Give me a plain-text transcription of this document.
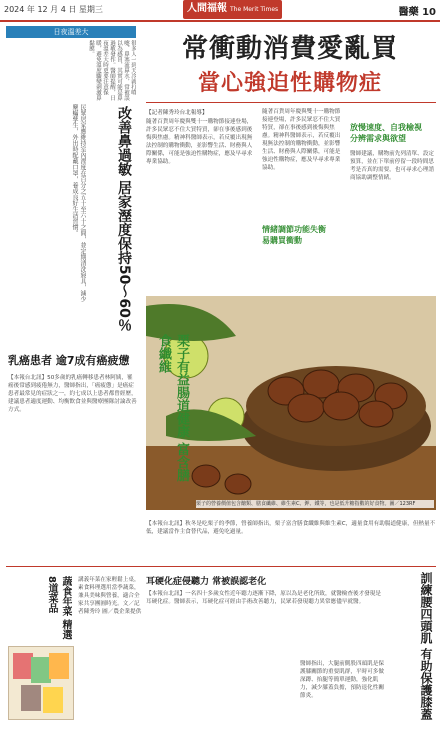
2024 年 12 月 4 日 星期三	人間福報 The Merit Times	醫藥 10
日夜溫差大
很多人一到天冷就打噴嚏、鼻塞流鼻水，常被誤以為感冒，其實可能是鼻過敏發作。醫師提醒，日夜溫差大時更要注意保暖，避免溫度驟變刺激鼻黏膜。
民眾居家應維持室內溼度在百分之五十至六十之間，並定期清洗寢具，減少塵蟎孳生，外出時配戴口罩，養成良好生活習慣。	改善鼻過敏 居家溼度保持50～60％
乳癌患者 逾7成有癌疲憊
【本報台北訊】50多歲的乳癌轉移患者林阿姨，罹癌後常感到疲倦無力，醫師指出，「癌疲憊」是癌症患者最常見的症狀之一，約七成以上患者都曾經歷，建議患者適度運動、均衡飲食並與醫療團隊討論改善方式。
常衝動消費愛亂買
當心強迫性購物症
【記者陳秀玲台北報導】
隨著百貨周年慶與雙十一購物節接連登場，許多民眾忍不住大買特買，卻在事後感到後悔與焦慮。精神科醫師表示，若反覆出現無法控制的購物衝動，並影響生活、財務與人際關係，可能是強迫性購物症，應及早尋求專業協助。
隨著百貨周年慶與雙十一購物節接連登場，許多民眾忍不住大買特買，卻在事後感到後悔與焦慮。精神科醫師表示，若反覆出現無法控制的購物衝動，並影響生活、財務與人際關係，可能是強迫性購物症，應及早尋求專業協助。
情緒調節功能失衡
易購買衝動
放慢速度、自我檢視
分辨需求與欲望
醫師建議，購物前先列清單、設定預算，並在下單前停留一段時間思考是否真的需要，也可尋求心理諮商協助調整情緒。
栗子有益腸道健康 富含膳食纖維
栗子的營養價值包含醣類、膳食纖維、維生素C、鉀、鐵等，也是低升糖指數的好食物。圖／123RF
【本報台北訊】秋冬是吃栗子的季節，營養師指出，栗子富含膳食纖維與維生素C，適量食用有助腸道健康，但熱量不低，建議當作主食替代品，避免吃過量。
蔬食年菜 精選8道菜品	講義年菜在家輕鬆上桌，素食料理選用當季蔬菜，兼具美味與營養，適合全家共享團圓時光。文／記者陳秀玲 圖／農企業提供
耳硬化症侵聽力 常被誤認老化
【本報台北訊】一名四十多歲女性近年聽力逐漸下降，原以為是老化所致，就醫檢查後才發現是耳硬化症。醫師表示，耳硬化症可經由手術改善聽力，民眾若發現聽力異常應儘早就醫。	訓練腰四頭肌 有助保護膝蓋
醫師指出，大腿前側股四頭肌是保護膝關節的重要肌群，平時可多做深蹲、抬腿等簡單運動，強化肌力，減少膝蓋負擔，預防退化性關節炎。
